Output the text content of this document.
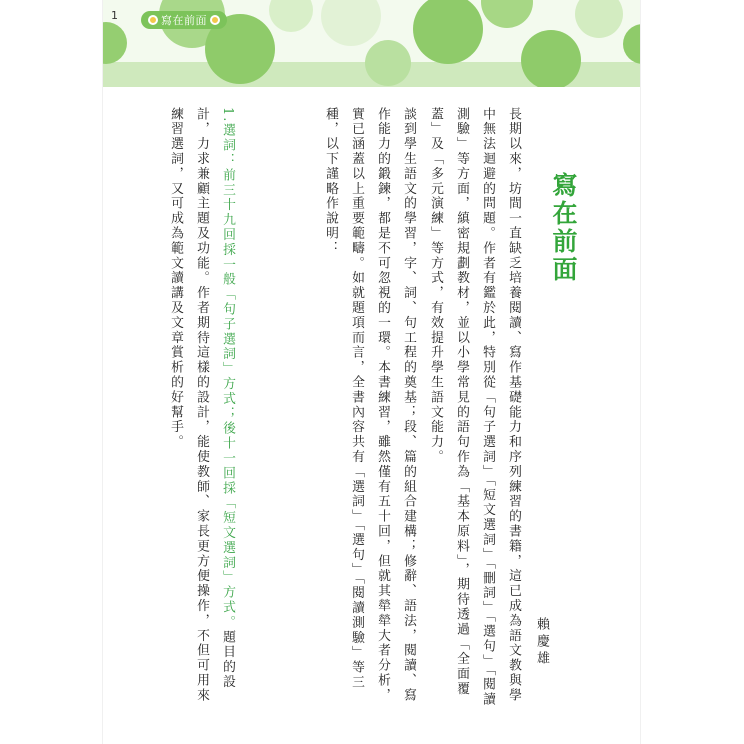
1	寫在前面
寫在前面
長期以來，坊間一直缺乏培養閱讀、寫作基礎能力和序列練習的書籍，這已成為語文教與學中無法迴避的問題。作者有鑑於此，特別從「句子選詞」「短文選詞」「刪詞」「選句」「閱讀測驗」等方面，縝密規劃教材，並以小學常見的語句作為「基本原料」，期待透過「全面覆蓋」及「多元演練」等方式，有效提升學生語文能力。
談到學生語文的學習，字、詞、句工程的奠基；段、篇的組合建構；修辭、語法，閱讀、寫作能力的鍛鍊，都是不可忽視的一環。本書練習，雖然僅有五十回，但就其犖犖大者分析，實已涵蓋以上重要範疇。如就題項而言，全書內容共有「選詞」「選句」「閱讀測驗」等三種，以下謹略作說明：
1.選詞：前三十九回採一般「句子選詞」方式；後十一回採「短文選詞」方式。題目的設計，力求兼顧主題及功能。作者期待這樣的設計，能使教師、家長更方便操作，不但可用來練習選詞，又可成為範文讀講及文章賞析的好幫手。
賴慶雄
